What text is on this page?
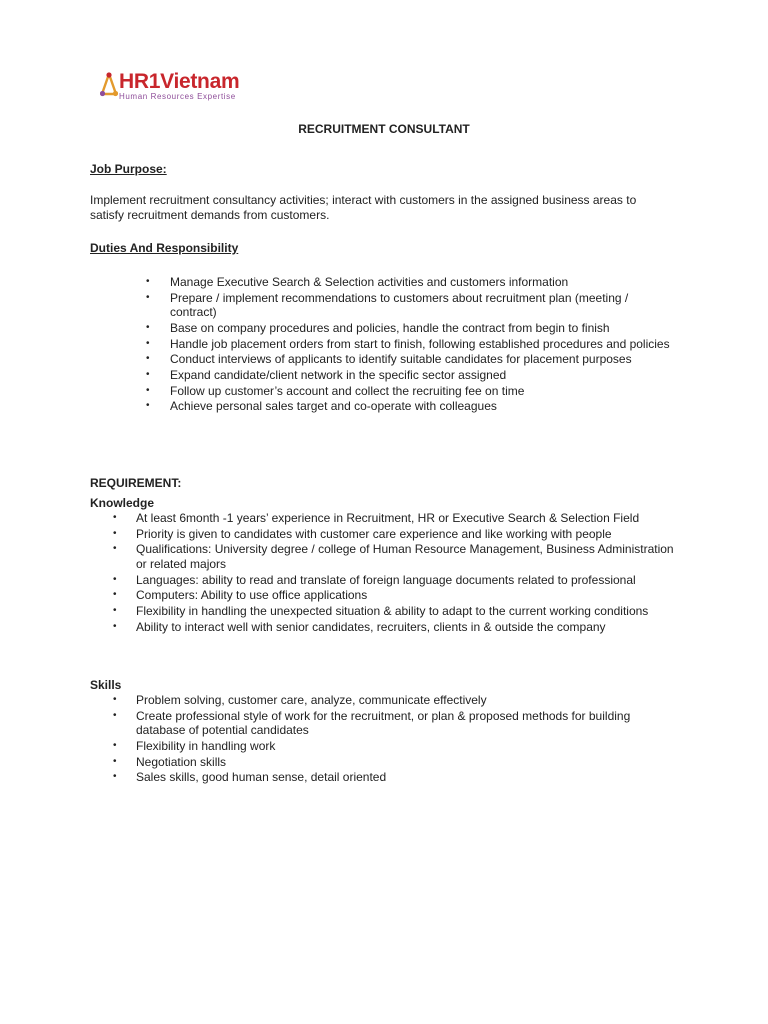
HR1Vietnam
Human Resources Expertise
RECRUITMENT CONSULTANT
Job Purpose:
Implement recruitment consultancy activities; interact with customers in the assigned business areas to satisfy recruitment demands from customers.
Duties And Responsibility
• Manage Executive Search & Selection activities and customers information
• Prepare / implement recommendations to customers about recruitment plan (meeting / contract)
• Base on company procedures and policies, handle the contract from begin to finish
• Handle job placement orders from start to finish, following established procedures and policies
• Conduct interviews of applicants to identify suitable candidates for placement purposes
• Expand candidate/client network in the specific sector assigned
• Follow up customer’s account and collect the recruiting fee on time
• Achieve personal sales target and co-operate with colleagues
REQUIREMENT:
Knowledge
• At least 6month -1 years’ experience in Recruitment, HR or Executive Search & Selection Field
• Priority is given to candidates with customer care experience and like working with people
• Qualifications: University degree / college of Human Resource Management, Business Administration or related majors
• Languages: ability to read and translate of foreign language documents related to professional
• Computers: Ability to use office applications
• Flexibility in handling the unexpected situation & ability to adapt to the current working conditions
• Ability to interact well with senior candidates, recruiters, clients in & outside the company
Skills
• Problem solving, customer care, analyze, communicate effectively
• Create professional style of work for the recruitment, or plan & proposed methods for building database of potential candidates
• Flexibility in handling work
• Negotiation skills
• Sales skills, good human sense, detail oriented
